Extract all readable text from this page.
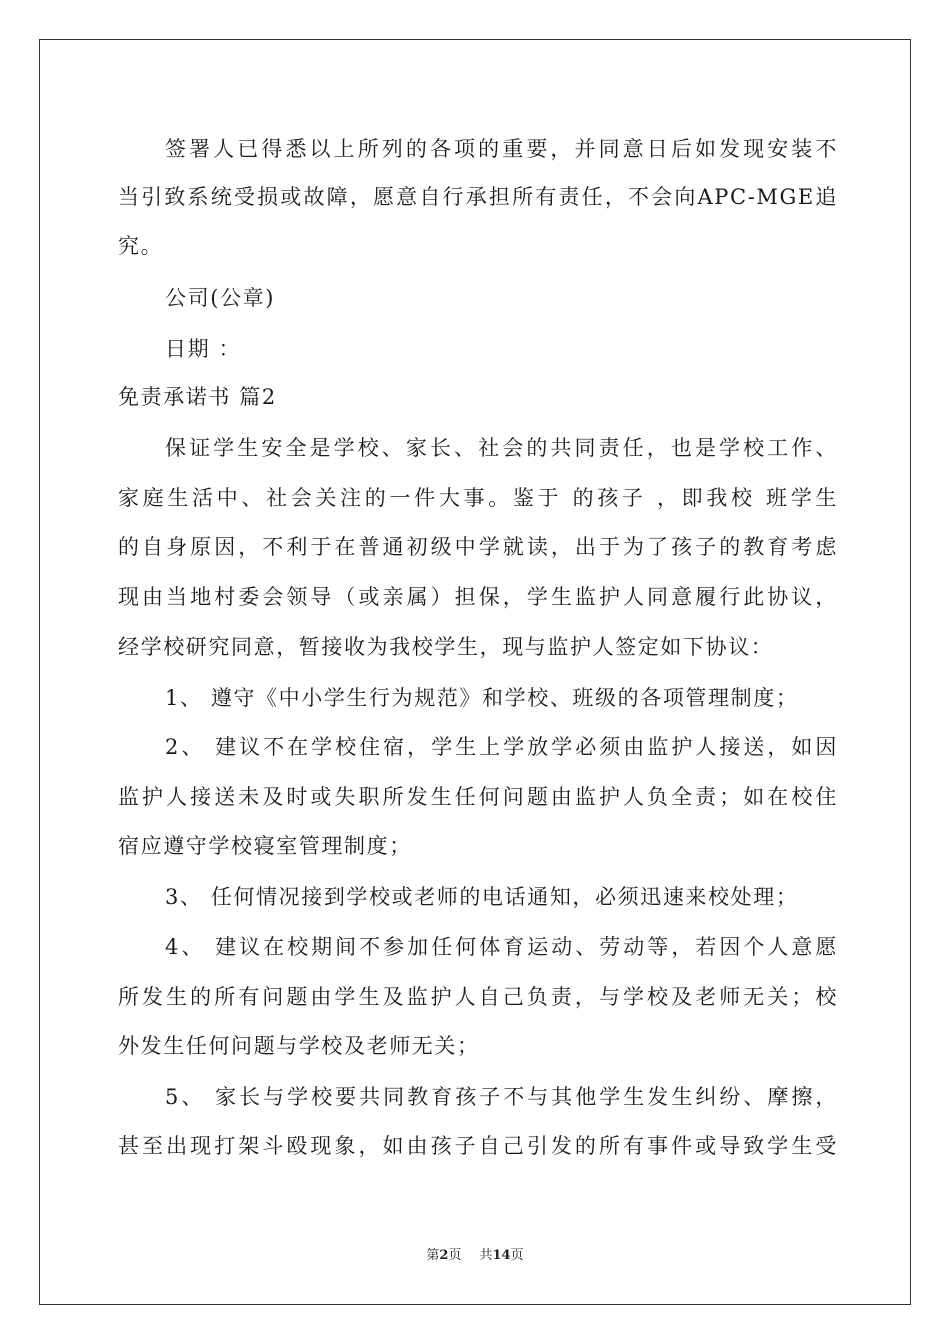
签署人已得悉以上所列的各项的重要，并同意日后如发现安装不
当引致系统受损或故障，愿意自行承担所有责任，不会向APC-MGE追
究。
公司(公章)
日期 ：
免责承诺书 篇2
保证学生安全是学校、家长、社会的共同责任，也是学校工作、
家庭生活中、社会关注的一件大事。鉴于 的孩子 ，即我校 班学生
的自身原因，不利于在普通初级中学就读，出于为了孩子的教育考虑
现由当地村委会领导（或亲属）担保，学生监护人同意履行此协议，
经学校研究同意，暂接收为我校学生，现与监护人签定如下协议：
1、 遵守《中小学生行为规范》和学校、班级的各项管理制度；
2、 建议不在学校住宿，学生上学放学必须由监护人接送，如因
监护人接送未及时或失职所发生任何问题由监护人负全责；如在校住
宿应遵守学校寝室管理制度；
3、 任何情况接到学校或老师的电话通知，必须迅速来校处理；
4、 建议在校期间不参加任何体育运动、劳动等，若因个人意愿
所发生的所有问题由学生及监护人自己负责，与学校及老师无关；校
外发生任何问题与学校及老师无关；
5、 家长与学校要共同教育孩子不与其他学生发生纠纷、摩擦，
甚至出现打架斗殴现象，如由孩子自己引发的所有事件或导致学生受
第2页 共14页
